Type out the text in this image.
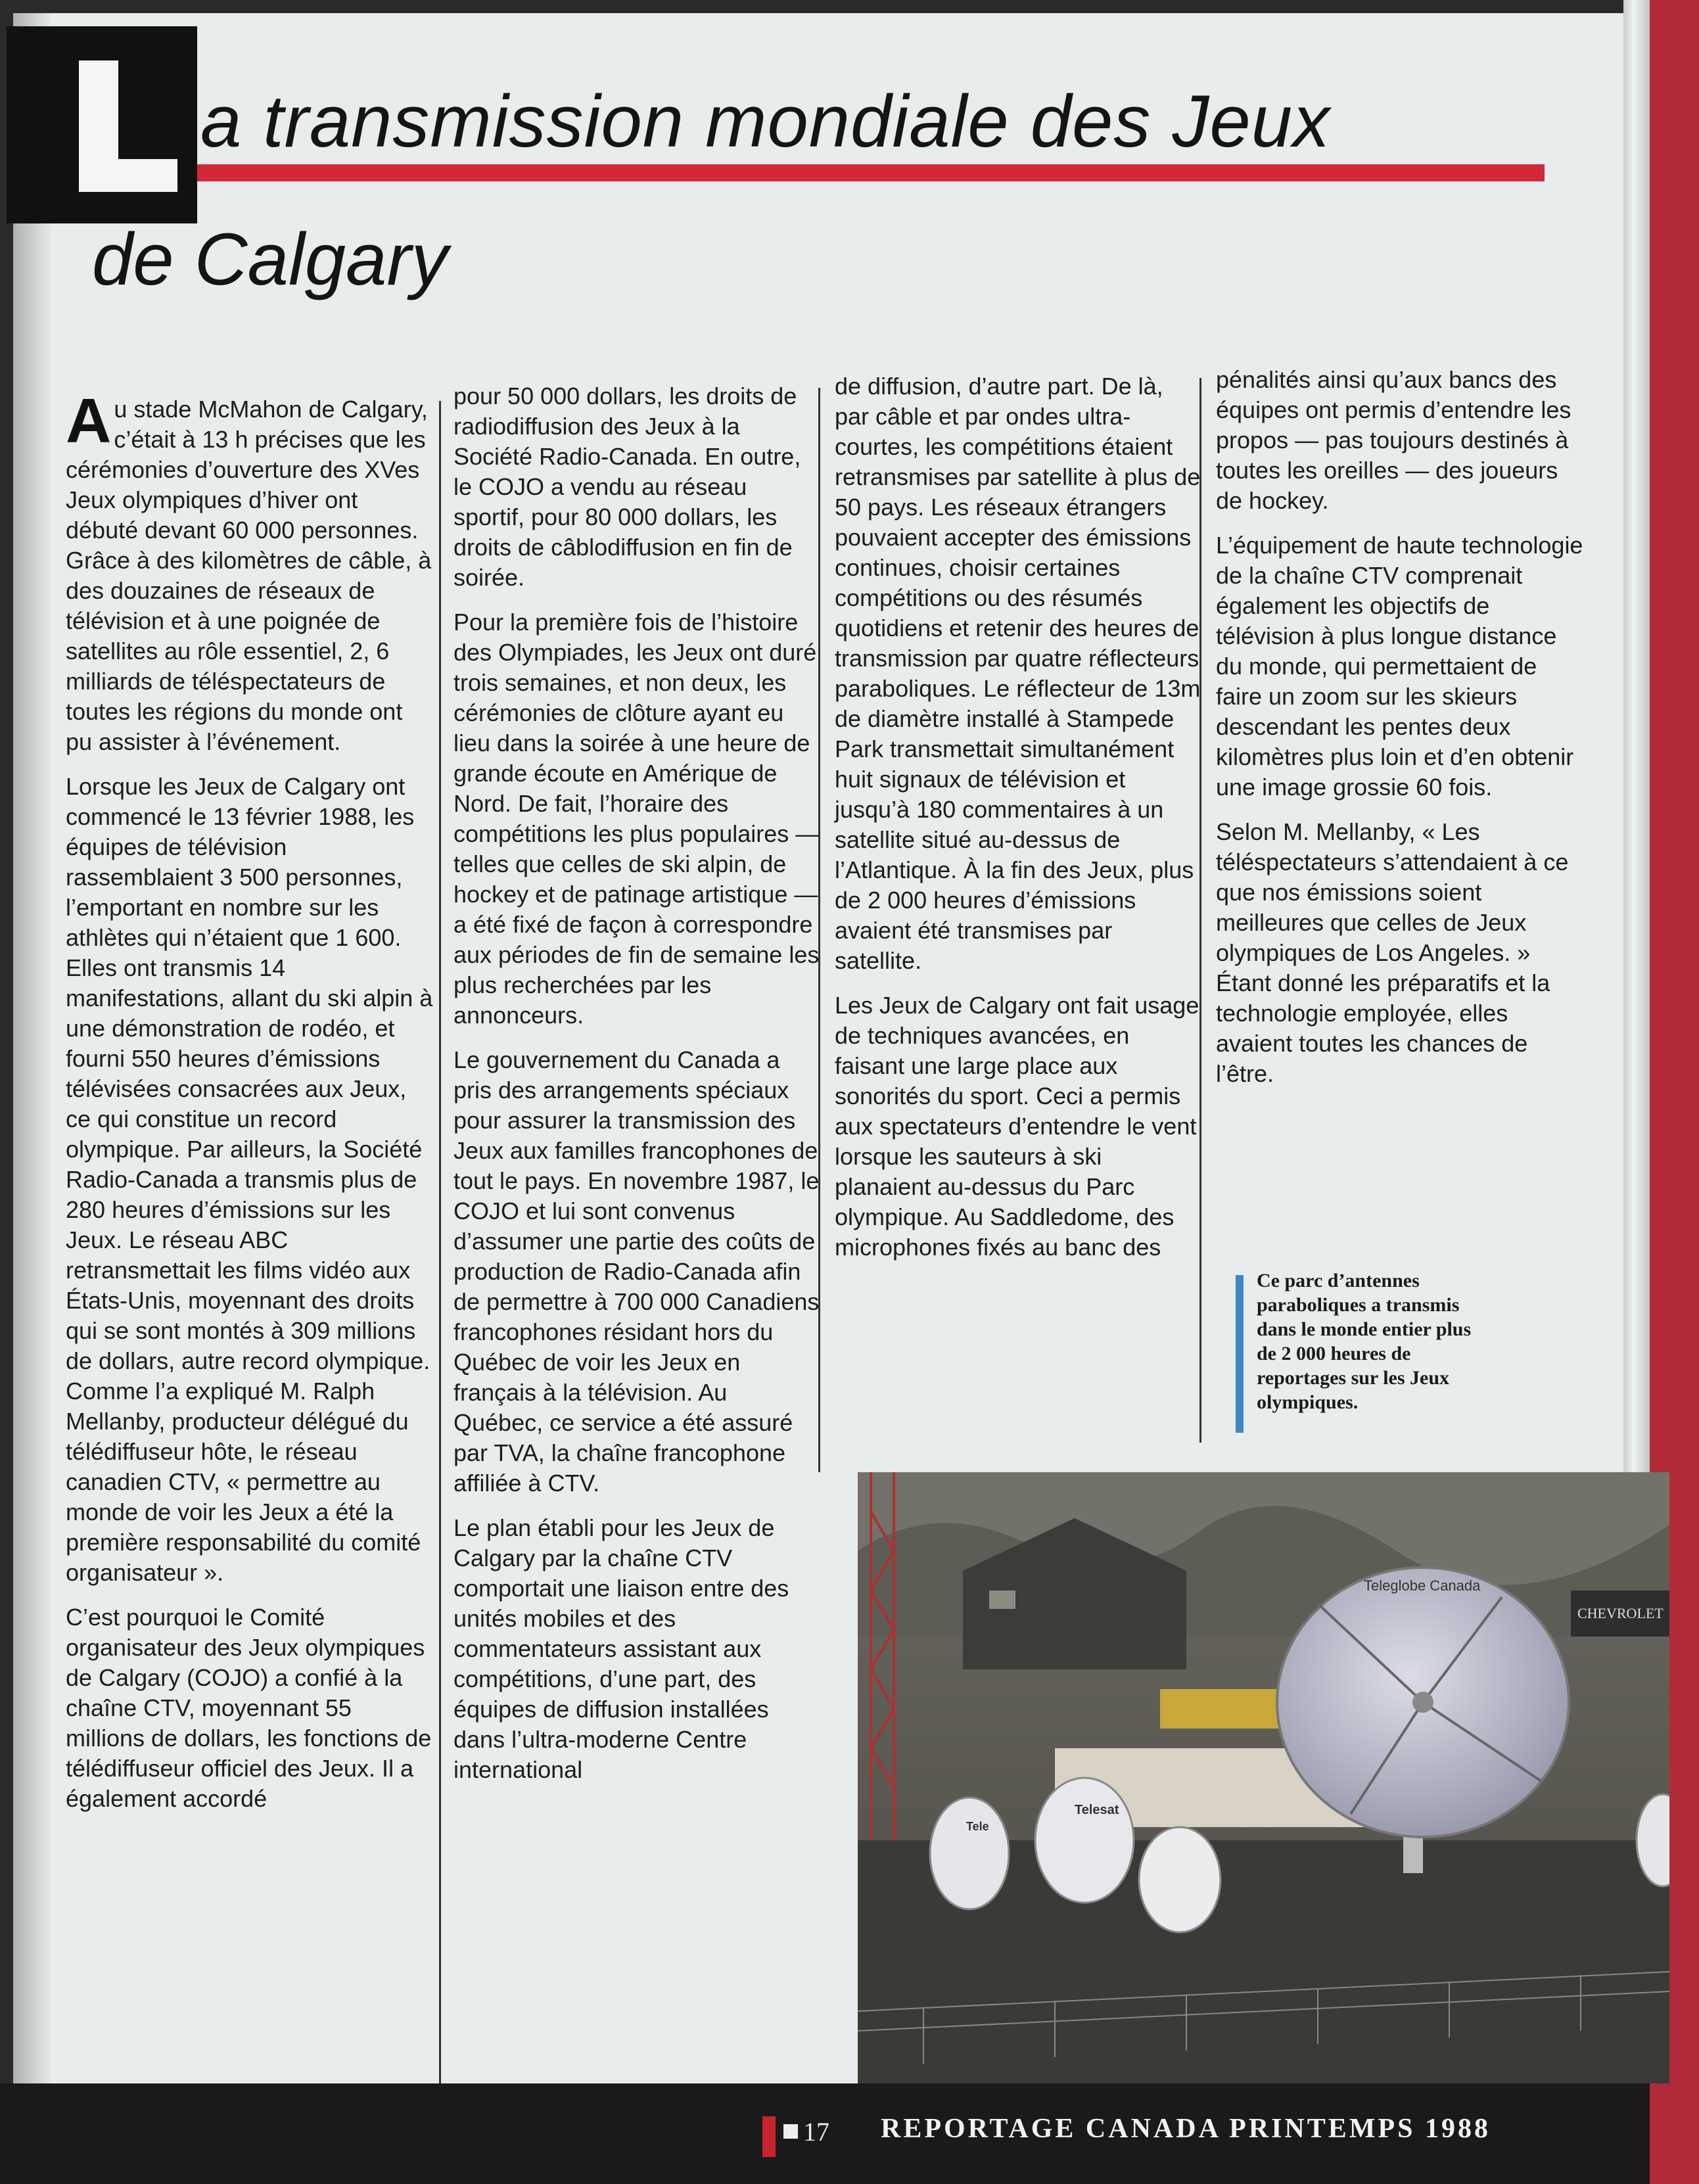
a transmission mondiale des Jeux
de Calgary

Au stade McMahon de Calgary, c’était à 13 h précises que les cérémonies d’ouverture des XVes Jeux olympiques d’hiver ont débuté devant 60 000 personnes. Grâce à des kilomètres de câble, à des douzaines de réseaux de télévision et à une poignée de satellites au rôle essentiel, 2, 6 milliards de téléspectateurs de toutes les régions du monde ont pu assister à l’événement.

Lorsque les Jeux de Calgary ont commencé le 13 février 1988, les équipes de télévision rassemblaient 3 500 personnes, l’emportant en nombre sur les athlètes qui n’étaient que 1 600. Elles ont transmis 14 manifestations, allant du ski alpin à une démonstration de rodéo, et fourni 550 heures d’émissions télévisées consacrées aux Jeux, ce qui constitue un record olympique. Par ailleurs, la Société Radio-Canada a transmis plus de 280 heures d’émissions sur les Jeux. Le réseau ABC retransmettait les films vidéo aux États-Unis, moyennant des droits qui se sont montés à 309 millions de dollars, autre record olympique. Comme l’a expliqué M. Ralph Mellanby, producteur délégué du télédiffuseur hôte, le réseau canadien CTV, « permettre au monde de voir les Jeux a été la première responsabilité du comité organisateur ».

C’est pourquoi le Comité organisateur des Jeux olympiques de Calgary (COJO) a confié à la chaîne CTV, moyennant 55 millions de dollars, les fonctions de télédiffuseur officiel des Jeux. Il a également accordé

pour 50 000 dollars, les droits de radiodiffusion des Jeux à la Société Radio-Canada. En outre, le COJO a vendu au réseau sportif, pour 80 000 dollars, les droits de câblodiffusion en fin de soirée.

Pour la première fois de l’histoire des Olympiades, les Jeux ont duré trois semaines, et non deux, les cérémonies de clôture ayant eu lieu dans la soirée à une heure de grande écoute en Amérique de Nord. De fait, l’horaire des compétitions les plus populaires — telles que celles de ski alpin, de hockey et de patinage artistique — a été fixé de façon à correspondre aux périodes de fin de semaine les plus recherchées par les annonceurs.

Le gouvernement du Canada a pris des arrangements spéciaux pour assurer la transmission des Jeux aux familles francophones de tout le pays. En novembre 1987, le COJO et lui sont convenus d’assumer une partie des coûts de production de Radio-Canada afin de permettre à 700 000 Canadiens francophones résidant hors du Québec de voir les Jeux en français à la télévision. Au Québec, ce service a été assuré par TVA, la chaîne francophone affiliée à CTV.

Le plan établi pour les Jeux de Calgary par la chaîne CTV comportait une liaison entre des unités mobiles et des commentateurs assistant aux compétitions, d’une part, des équipes de diffusion installées dans l’ultra-moderne Centre international

de diffusion, d’autre part. De là, par câble et par ondes ultra-courtes, les compétitions étaient retransmises par satellite à plus de 50 pays. Les réseaux étrangers pouvaient accepter des émissions continues, choisir certaines compétitions ou des résumés quotidiens et retenir des heures de transmission par quatre réflecteurs paraboliques. Le réflecteur de 13m de diamètre installé à Stampede Park transmettait simultanément huit signaux de télévision et jusqu’à 180 commentaires à un satellite situé au-dessus de l’Atlantique. À la fin des Jeux, plus de 2 000 heures d’émissions avaient été transmises par satellite.

Les Jeux de Calgary ont fait usage de techniques avancées, en faisant une large place aux sonorités du sport. Ceci a permis aux spectateurs d’entendre le vent lorsque les sauteurs à ski planaient au-dessus du Parc olympique. Au Saddledome, des microphones fixés au banc des

pénalités ainsi qu’aux bancs des équipes ont permis d’entendre les propos — pas toujours destinés à toutes les oreilles — des joueurs de hockey.

L’équipement de haute technologie de la chaîne CTV comprenait également les objectifs de télévision à plus longue distance du monde, qui permettaient de faire un zoom sur les skieurs descendant les pentes deux kilomètres plus loin et d’en obtenir une image grossie 60 fois.

Selon M. Mellanby, « Les téléspectateurs s’attendaient à ce que nos émissions soient meilleures que celles de Jeux olympiques de Los Angeles. » Étant donné les préparatifs et la technologie employée, elles avaient toutes les chances de l’être.

Ce parc d’antennes paraboliques a transmis dans le monde entier plus de 2 000 heures de reportages sur les Jeux olympiques.
CHEVROLET
Teleglobe Canada
Tele
Telesat
17 REPORTAGE CANADA PRINTEMPS 1988
